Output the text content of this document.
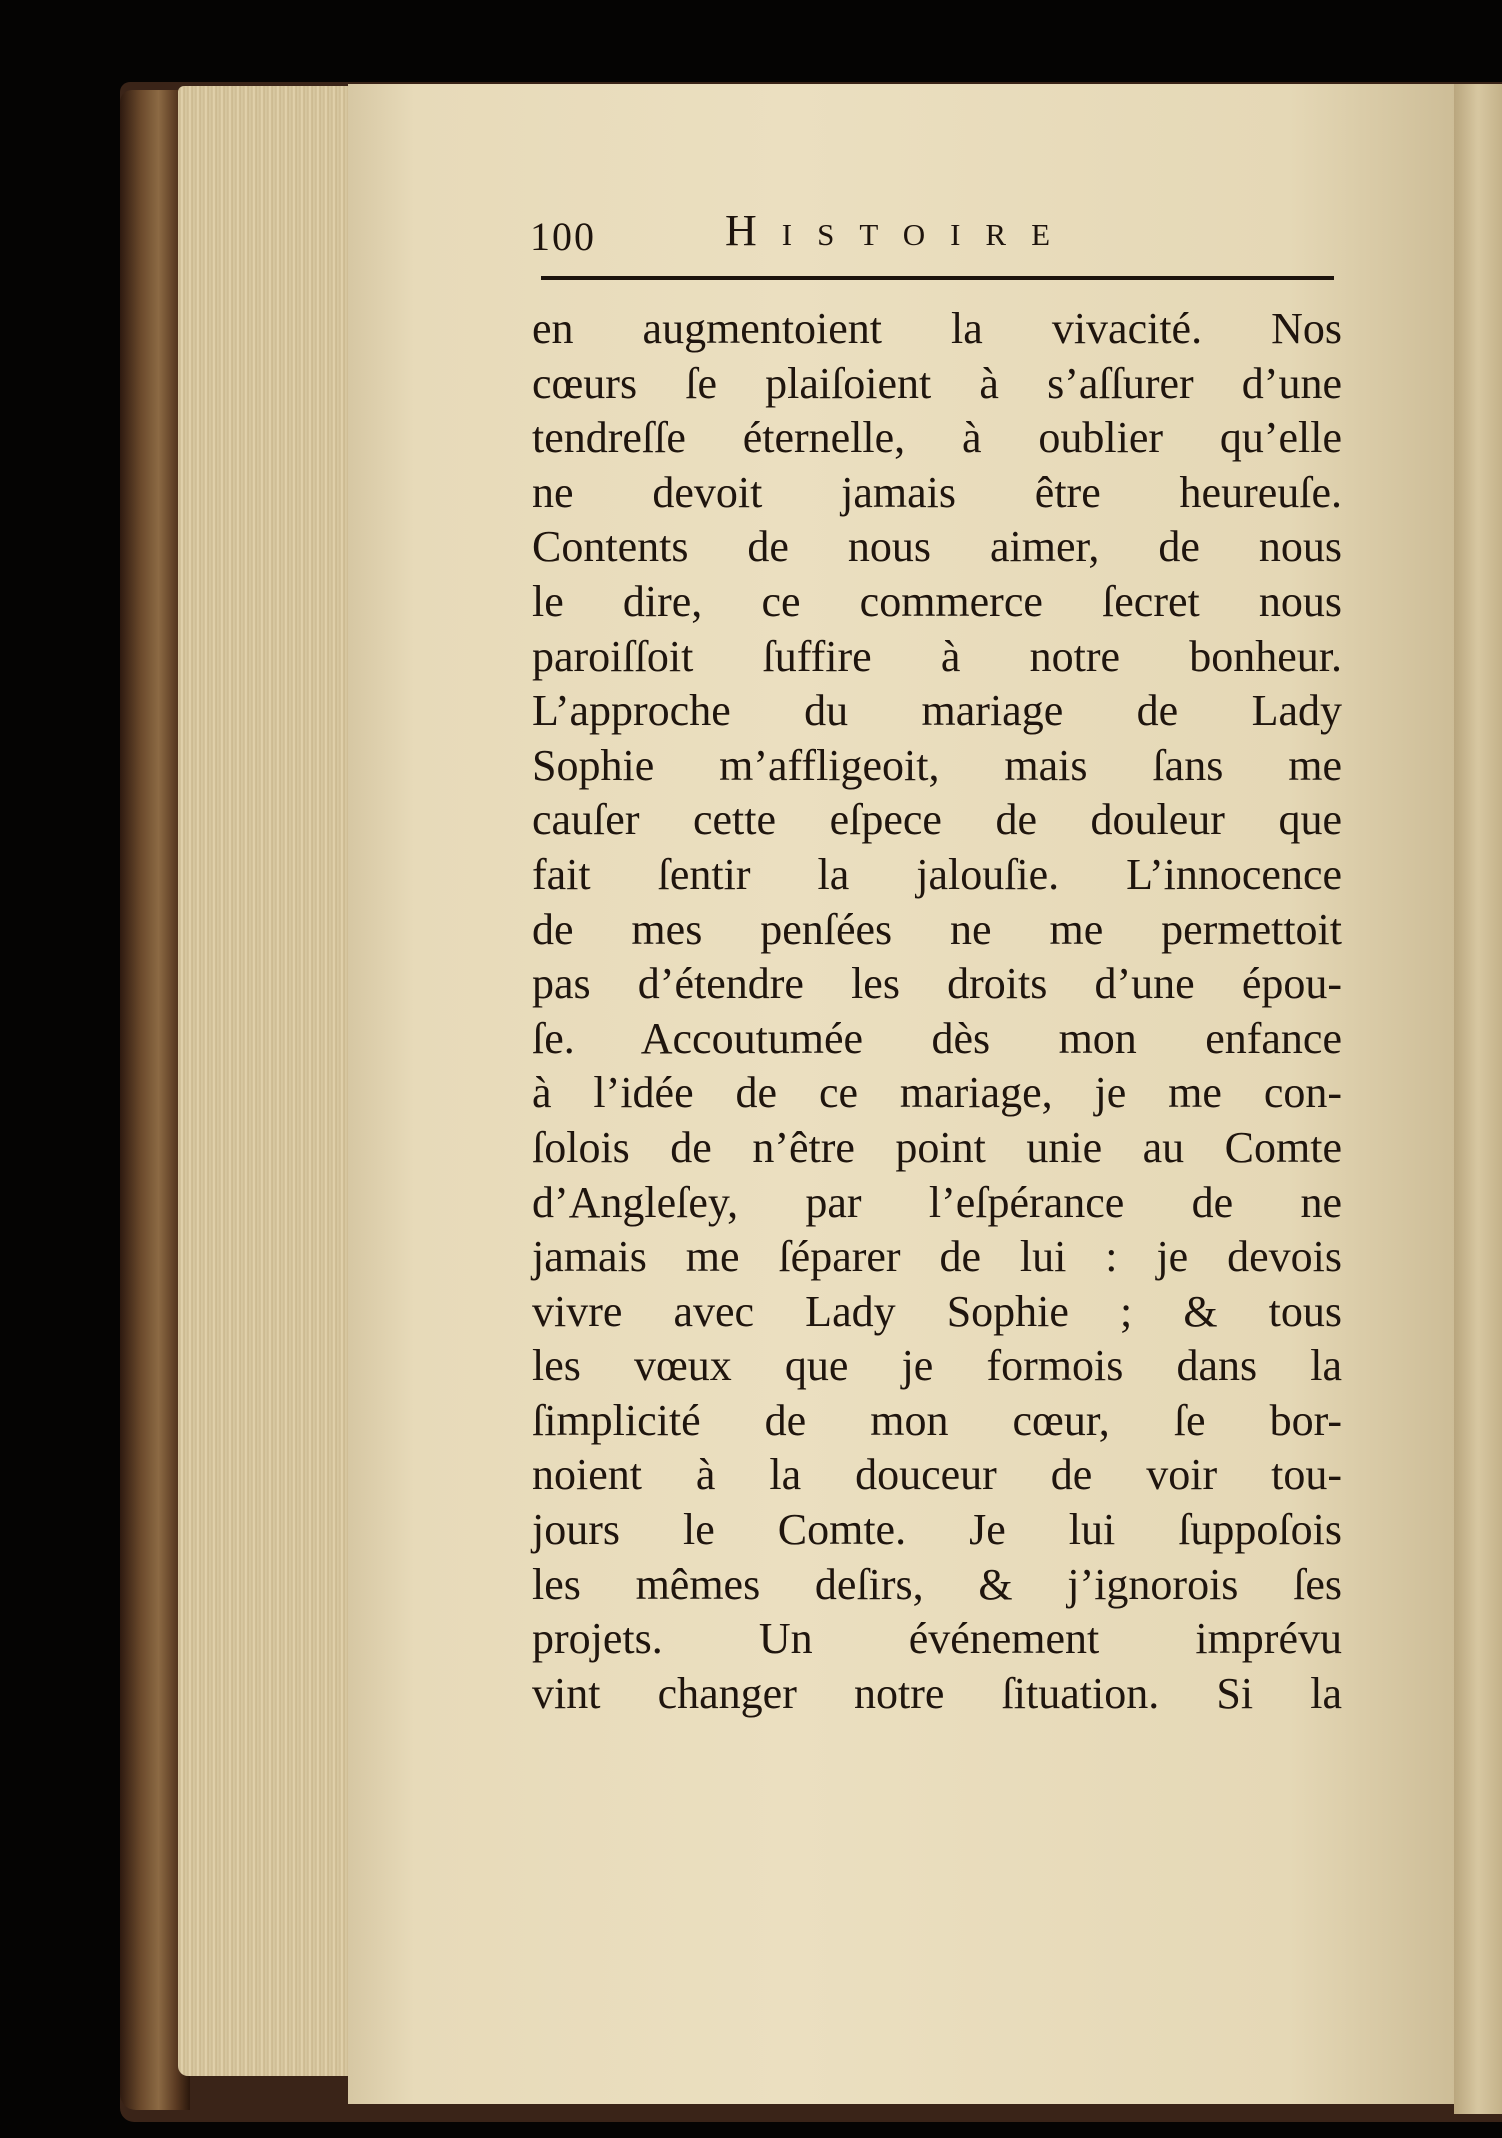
100	Histoire
en augmentoient la vivacité. Nos
cœurs ſe plaiſoient à s’aſſurer d’une
tendreſſe éternelle, à oublier qu’elle
ne devoit jamais être heureuſe.
Contents de nous aimer, de nous
le dire, ce commerce ſecret nous
paroiſſoit ſuffire à notre bonheur.
L’approche du mariage de Lady
Sophie m’affligeoit, mais ſans me
cauſer cette eſpece de douleur que
fait ſentir la jalouſie. L’innocence
de mes penſées ne me permettoit
pas d’étendre les droits d’une épou-
ſe. Accoutumée dès mon enfance
à l’idée de ce mariage, je me con-
ſolois de n’être point unie au Comte
d’Angleſey, par l’eſpérance de ne
jamais me ſéparer de lui : je devois
vivre avec Lady Sophie ; & tous
les vœux que je formois dans la
ſimplicité de mon cœur, ſe bor-
noient à la douceur de voir tou-
jours le Comte. Je lui ſuppoſois
les mêmes deſirs, & j’ignorois ſes
projets. Un événement imprévu
vint changer notre ſituation. Si la
